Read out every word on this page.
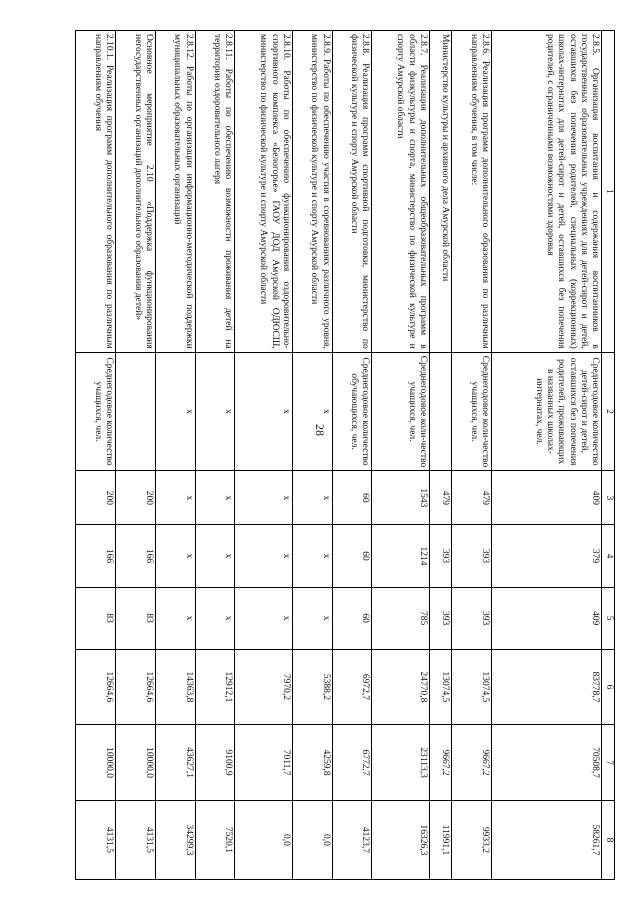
28
1	2	3	4	5	6	7	8
2.8.5. Организация воспитания и содержания воспитанников в государственных образовательных учреждениях для детей-сирот и детей, оставшихся без попечения родителей, специальных (коррекционных) школах-интернатах для детей-сирот и детей, оставшихся без попечения родителей, с ограниченными возможностями здоровья	Среднегодовое количество детей-сирот и детей, оставшихся без попечения родителей, проживающих в названных школах-интернатах, чел.	409	379	409	83778,7	70508,7	58261,7
2.8.6. Реализация программ дополнительного образования по различным направлениям обучения, в том числе:	Среднегодовое коли-чество учащихся, чел.	479	393	393	13074,5	9667,2	9933,2
Министерство культуры и архивного дела Амурской области		479	393	393	13074,5	9667,2	11991,1
2.8.7. Реализация дополнительных общеобразовательных программ в области физкультуры и спорта, министерство по физической культуре и спорту Амурской области	Среднегодовое коли-чество учащихся, чел.	1543	1214	785	24770,8	23113,3	16326,3
2.8.8. Реализация программ спортивной подготовки, министерство по физической культуре и спорту Амурской области	Среднегодовое количество обучающихся, чел.	60	60	60	6972,7	6772,7	4123,7
2.8.9. Работы по обеспечению участия в соревнованиях различного уровня, министерство по физической культуре и спорту Амурской области	х	х	х	х	5388,2	4259,8	0,0
2.8.10. Работы по обеспечению функционирования оздоровительно-спортивного комплекса «Белогорье» ГАОУ ДОД Амурской ОДЮСШ, министерство по физической культуре и спорту Амурской области	х	х	х	х	7970,2	7011,7	0,0
2.8.11. Работы по обеспечению возможности проживания детей на территории оздоровительного лагеря	х	х	х	х	12912,1	9100,9	7520,1
2.8.12. Работы по организации информационно-методической поддержки муниципальных образовательных организаций	х	х	х	х	14363,8	43627,1	34299,3
Основное мероприятие 2.10 «Поддержка функционирования негосударственных организаций дополнительного образования детей»		200	166	83	12664,6	10000,0	4131,5
2.10.1. Реализация программ дополнительного образования по различным направлениям обучения	Среднегодовое количество учащихся, чел.	200	166	83	12664,6	10000,0	4131,5
